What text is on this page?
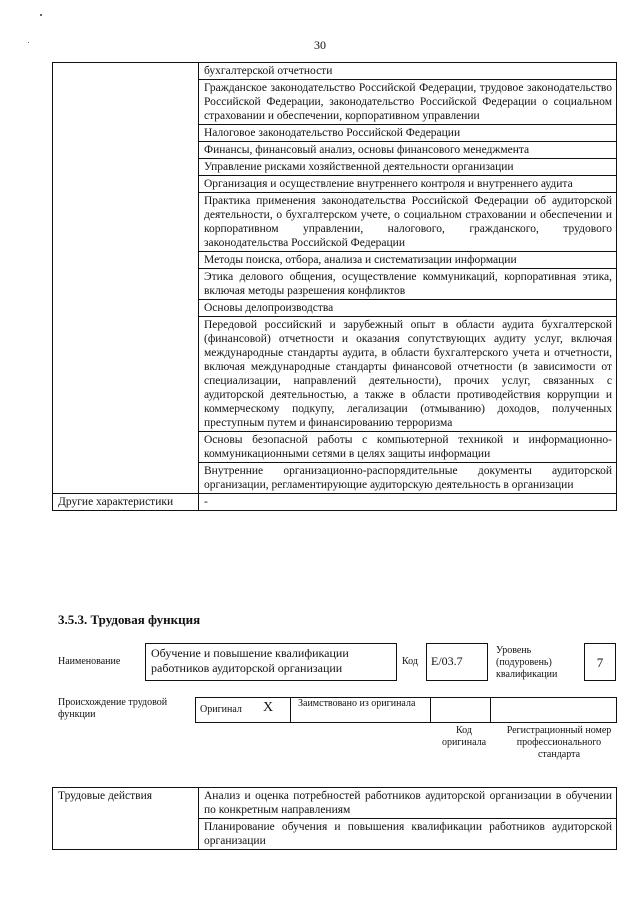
30
	бухгалтерской отчетности
	Гражданское законодательство Российской Федерации, трудовое законодательство Российской Федерации, законодательство Российской Федерации о социальном страховании и обеспечении, корпоративном управлении
	Налоговое законодательство Российской Федерации
	Финансы, финансовый анализ, основы финансового менеджмента
	Управление рисками хозяйственной деятельности организации
	Организация и осуществление внутреннего контроля и внутреннего аудита
	Практика применения законодательства Российской Федерации об аудиторской деятельности, о бухгалтерском учете, о социальном страховании и обеспечении и корпоративном управлении, налогового, гражданского, трудового законодательства Российской Федерации
	Методы поиска, отбора, анализа и систематизации информации
	Этика делового общения, осуществление коммуникаций, корпоративная этика, включая методы разрешения конфликтов
	Основы делопроизводства
	Передовой российский и зарубежный опыт в области аудита бухгалтерской (финансовой) отчетности и оказания сопутствующих аудиту услуг, включая международные стандарты аудита, в области бухгалтерского учета и отчетности, включая международные стандарты финансовой отчетности (в зависимости от специализации, направлений деятельности), прочих услуг, связанных с аудиторской деятельностью, а также в области противодействия коррупции и коммерческому подкупу, легализации (отмыванию) доходов, полученных преступным путем и финансированию терроризма
	Основы безопасной работы с компьютерной техникой и информационно-коммуникационными сетями в целях защиты информации
	Внутренние организационно-распорядительные документы аудиторской организации, регламентирующие аудиторскую деятельность в организации
Другие характеристики	-
3.5.3. Трудовая функция
Наименование
Обучение и повышение квалификации работников аудиторской организации	Код	E/03.7
Уровень (подуровень) квалификации
7
Происхождение трудовой функции	Оригинал X Заимствовано из оригинала
Код оригинала
Регистрационный номер профессионального стандарта
Трудовые действия	Анализ и оценка потребностей работников аудиторской организации в обучении по конкретным направлениям
Планирование обучения и повышения квалификации работников аудиторской организации
